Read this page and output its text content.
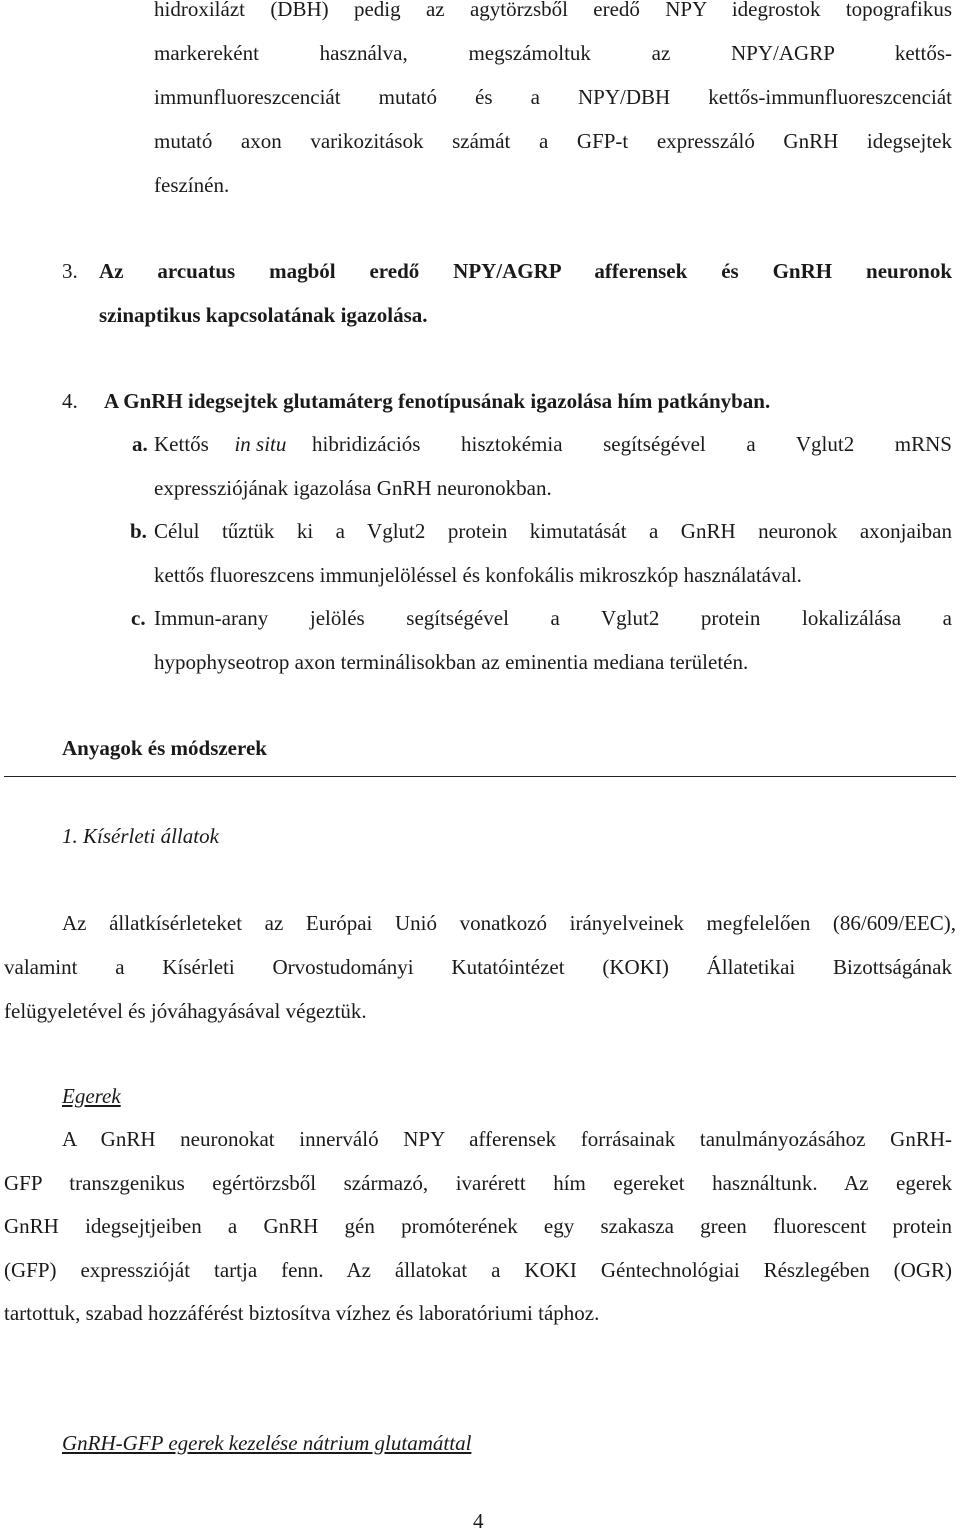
hidroxilázt (DBH) pedig az agytörzsből eredő NPY idegrostok topografikus
markereként használva, megszámoltuk az NPY/AGRP kettős-
immunfluoreszcenciát mutató és a NPY/DBH kettős-immunfluoreszcenciát
mutató axon varikozitások számát a GFP-t expresszáló GnRH idegsejtek
feszínén.
3. Az arcuatus magból eredő NPY/AGRP afferensek és GnRH neuronok
szinaptikus kapcsolatának igazolása.
4. A GnRH idegsejtek glutamáterg fenotípusának igazolása hím patkányban.
a. Kettős in situ hibridizációs hisztokémia segítségével a Vglut2 mRNS
expressziójának igazolása GnRH neuronokban.
b. Célul tűztük ki a Vglut2 protein kimutatását a GnRH neuronok axonjaiban
kettős fluoreszcens immunjelöléssel és konfokális mikroszkóp használatával.
c. Immun-arany jelölés segítségével a Vglut2 protein lokalizálása a
hypophyseotrop axon terminálisokban az eminentia mediana területén.
Anyagok és módszerek
1. Kísérleti állatok
Az állatkísérleteket az Európai Unió vonatkozó irányelveinek megfelelően (86/609/EEC),
valamint a Kísérleti Orvostudományi Kutatóintézet (KOKI) Állatetikai Bizottságának
felügyeletével és jóváhagyásával végeztük.
Egerek
A GnRH neuronokat innerváló NPY afferensek forrásainak tanulmányozásához GnRH-
GFP transzgenikus egértörzsből származó, ivarérett hím egereket használtunk. Az egerek
GnRH idegsejtjeiben a GnRH gén promóterének egy szakasza green fluorescent protein
(GFP) expresszióját tartja fenn. Az állatokat a KOKI Géntechnológiai Részlegében (OGR)
tartottuk, szabad hozzáférést biztosítva vízhez és laboratóriumi táphoz.
GnRH-GFP egerek kezelése nátrium glutamáttal
4
